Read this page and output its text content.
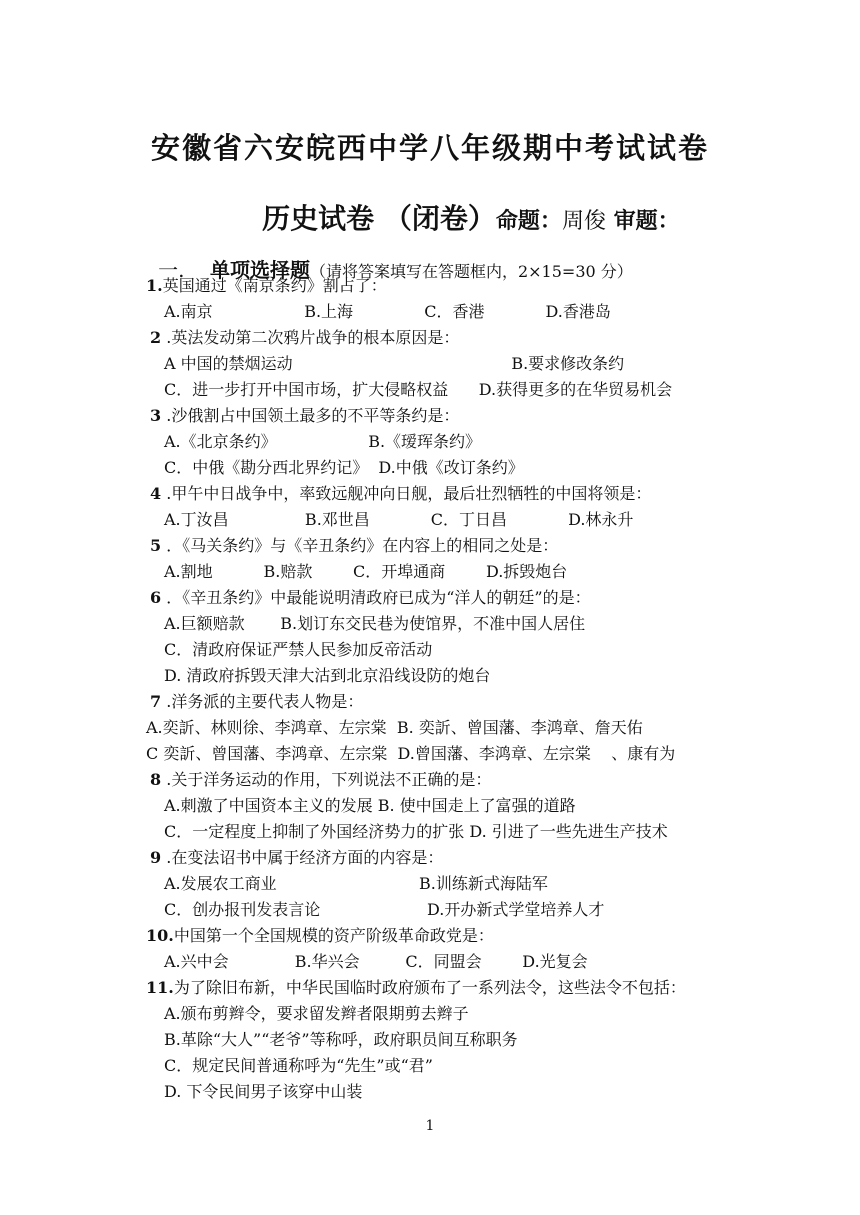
安徽省六安皖西中学八年级期中考试试卷

历史试卷 （闭卷）命题：周俊 审题：

一. 单项选择题（请将答案填写在答题框内，2×15=30 分）

1.英国通过《南京条约》割占了：
A.南京                  B.上海              C．香港            D.香港岛
2 .英法发动第二次鸦片战争的根本原因是：
A 中国的禁烟运动                                           B.要求修改条约
C．进一步打开中国市场，扩大侵略权益      D.获得更多的在华贸易机会
3 .沙俄割占中国领土最多的不平等条约是：
A.《北京条约》                  B.《瑷珲条约》
C．中俄《勘分西北界约记》  D.中俄《改订条约》
4 .甲午中日战争中，率致远舰冲向日舰，最后壮烈牺牲的中国将领是：
A.丁汝昌               B.邓世昌            C．丁日昌            D.林永升
5 ．《马关条约》与《辛丑条约》在内容上的相同之处是：
A.割地          B.赔款        C．开埠通商        D.拆毁炮台
6 ．《辛丑条约》中最能说明清政府已成为“洋人的朝廷”的是：
A.巨额赔款       B.划订东交民巷为使馆界，不准中国人居住
C．清政府保证严禁人民参加反帝活动
D. 清政府拆毁天津大沽到北京沿线设防的炮台
7 .洋务派的主要代表人物是：
A.奕訢、林则徐、李鸿章、左宗棠  B. 奕訢、曾国藩、李鸿章、詹天佑
C 奕訢、曾国藩、李鸿章、左宗棠  D.曾国藩、李鸿章、左宗棠    、康有为
8 .关于洋务运动的作用，下列说法不正确的是：
A.刺激了中国资本主义的发展 B. 使中国走上了富强的道路
C．一定程度上抑制了外国经济势力的扩张 D. 引进了一些先进生产技术
9 .在变法诏书中属于经济方面的内容是：
A.发展农工商业                            B.训练新式海陆军
C．创办报刊发表言论                     D.开办新式学堂培养人才
10.中国第一个全国规模的资产阶级革命政党是：
A.兴中会             B.华兴会         C．同盟会        D.光复会
11.为了除旧布新，中华民国临时政府颁布了一系列法令，这些法令不包括：
A.颁布剪辫令，要求留发辫者限期剪去辫子
B.革除“大人”“老爷”等称呼，政府职员间互称职务
C．规定民间普通称呼为“先生”或“君”
D. 下令民间男子该穿中山装
1
